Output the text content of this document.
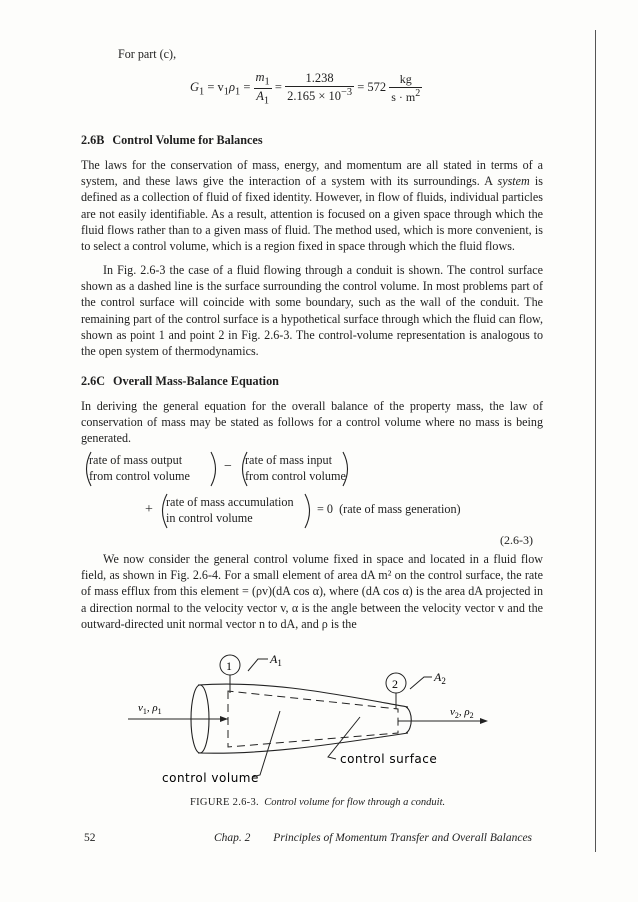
For part (c),
$G_1 = v_1\rho_1 = \frac{m_1}{A_1} = \frac{1.238}{2.165 \times 10^{-3}} = 572 \frac{kg}{s \cdot m^2}$
2.6B Control Volume for Balances

The laws for the conservation of mass, energy, and momentum are all stated in terms of a system, and these laws give the interaction of a system with its surroundings. A system is defined as a collection of fluid of fixed identity. However, in flow of fluids, individual particles are not easily identifiable. As a result, attention is focused on a given space through which the fluid flows rather than to a given mass of fluid. The method used, which is more convenient, is to select a control volume, which is a region fixed in space through which the fluid flows.

In Fig. 2.6-3 the case of a fluid flowing through a conduit is shown. The control surface shown as a dashed line is the surface surrounding the control volume. In most problems part of the control surface will coincide with some boundary, such as the wall of the conduit. The remaining part of the control surface is a hypothetical surface through which the fluid can flow, shown as point 1 and point 2 in Fig. 2.6-3. The control-volume representation is analogous to the open system of thermodynamics.

2.6C Overall Mass-Balance Equation

In deriving the general equation for the overall balance of the property mass, the law of conservation of mass may be stated as follows for a control volume where no mass is being generated.

rate of mass output
from control volume
− rate of mass input
from control volume
+ rate of mass accumulation
in control volume
= 0  (rate of mass generation)
(2.6-3)

We now consider the general control volume fixed in space and located in a fluid flow field, as shown in Fig. 2.6-4. For a small element of area dA m² on the control surface, the rate of mass efflux from this element = (ρv)(dA cos α), where (dA cos α) is the area dA projected in a direction normal to the velocity vector v, α is the angle between the velocity vector v and the outward-directed unit normal vector n to dA, and ρ is the

1	$A_1$
2	$A_2$
$v_1$, $\rho_1$	$v_2$, $\rho_2$
control surface
control volume
FIGURE 2.6-3. Control volume for flow through a conduit.
52	Chap. 2 Principles of Momentum Transfer and Overall Balances
